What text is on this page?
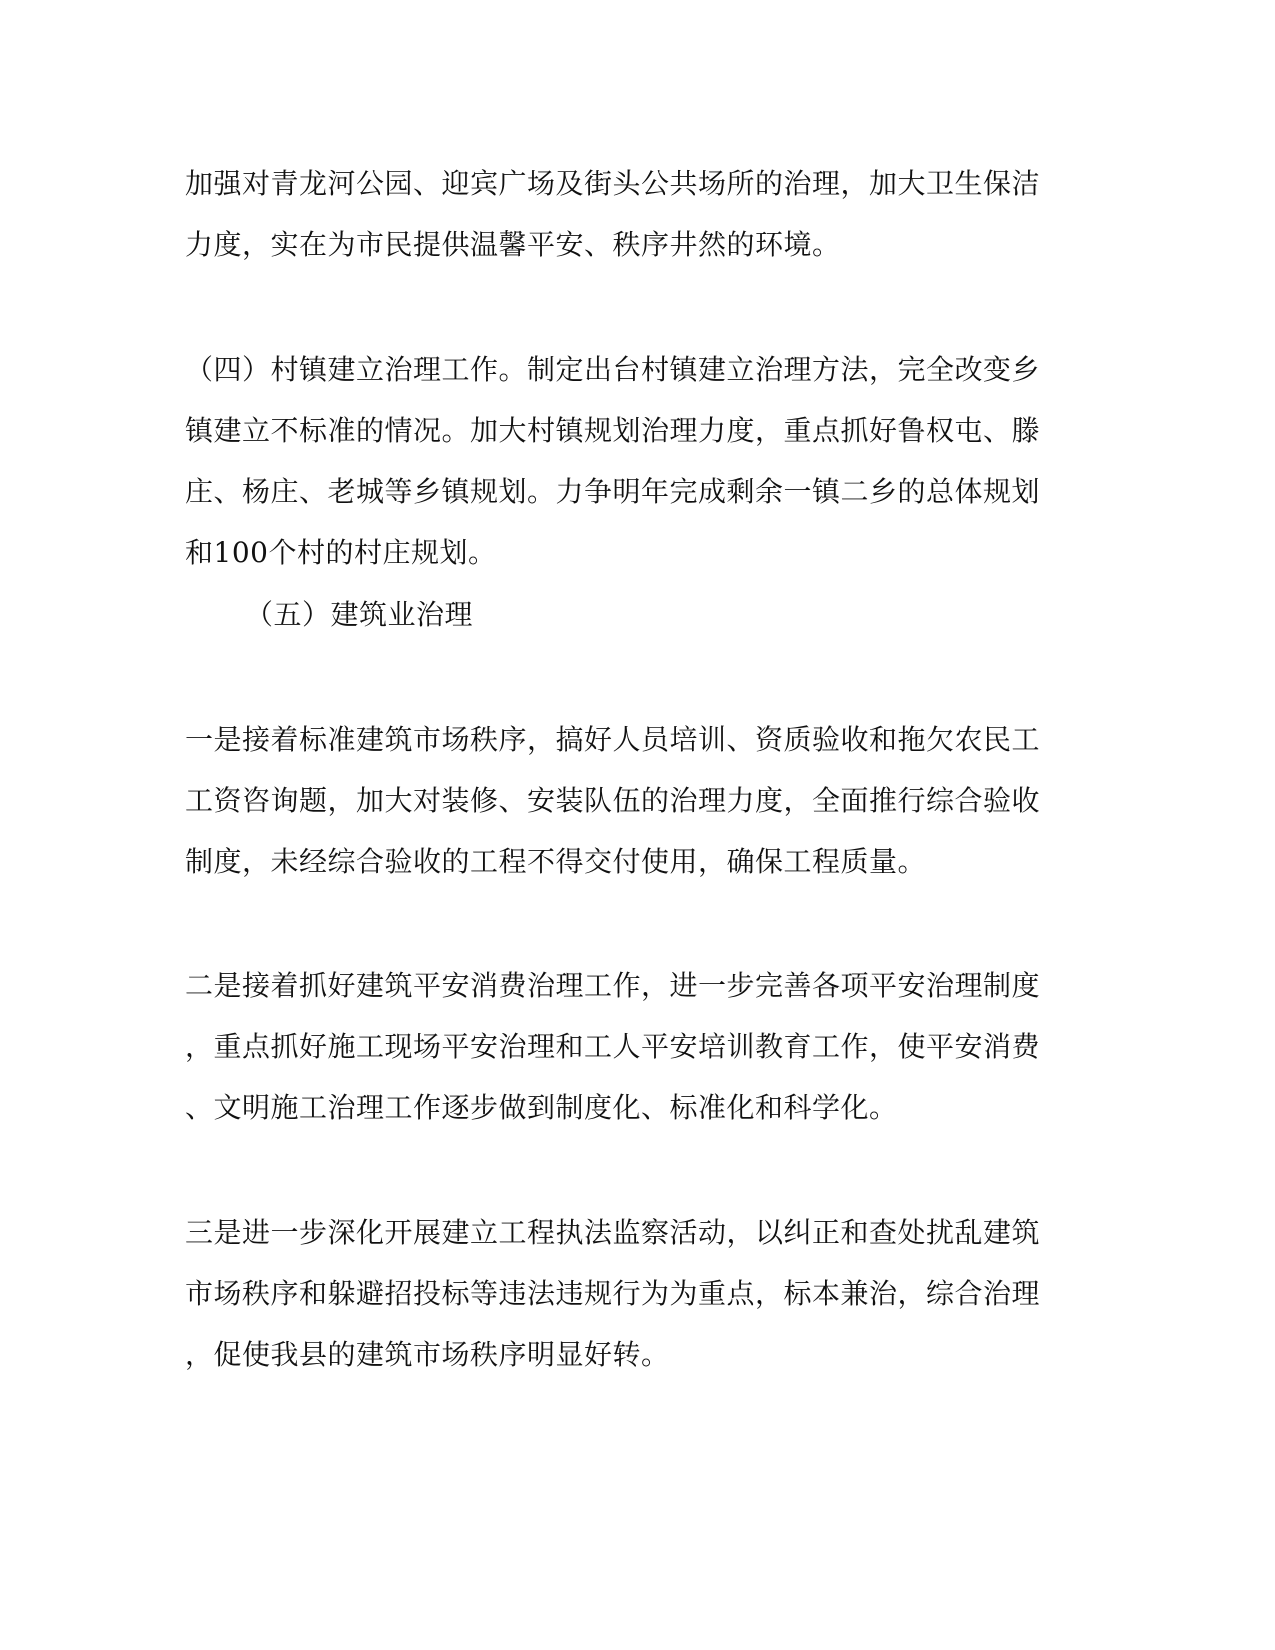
加强对青龙河公园、迎宾广场及街头公共场所的治理，加大卫生保洁
力度，实在为市民提供温馨平安、秩序井然的环境。
（四）村镇建立治理工作。制定出台村镇建立治理方法，完全改变乡
镇建立不标准的情况。加大村镇规划治理力度，重点抓好鲁权屯、滕
庄、杨庄、老城等乡镇规划。力争明年完成剩余一镇二乡的总体规划
和100个村的村庄规划。
（五）建筑业治理
一是接着标准建筑市场秩序，搞好人员培训、资质验收和拖欠农民工
工资咨询题，加大对装修、安装队伍的治理力度，全面推行综合验收
制度，未经综合验收的工程不得交付使用，确保工程质量。
二是接着抓好建筑平安消费治理工作，进一步完善各项平安治理制度
，重点抓好施工现场平安治理和工人平安培训教育工作，使平安消费
、文明施工治理工作逐步做到制度化、标准化和科学化。
三是进一步深化开展建立工程执法监察活动，以纠正和查处扰乱建筑
市场秩序和躲避招投标等违法违规行为为重点，标本兼治，综合治理
，促使我县的建筑市场秩序明显好转。
